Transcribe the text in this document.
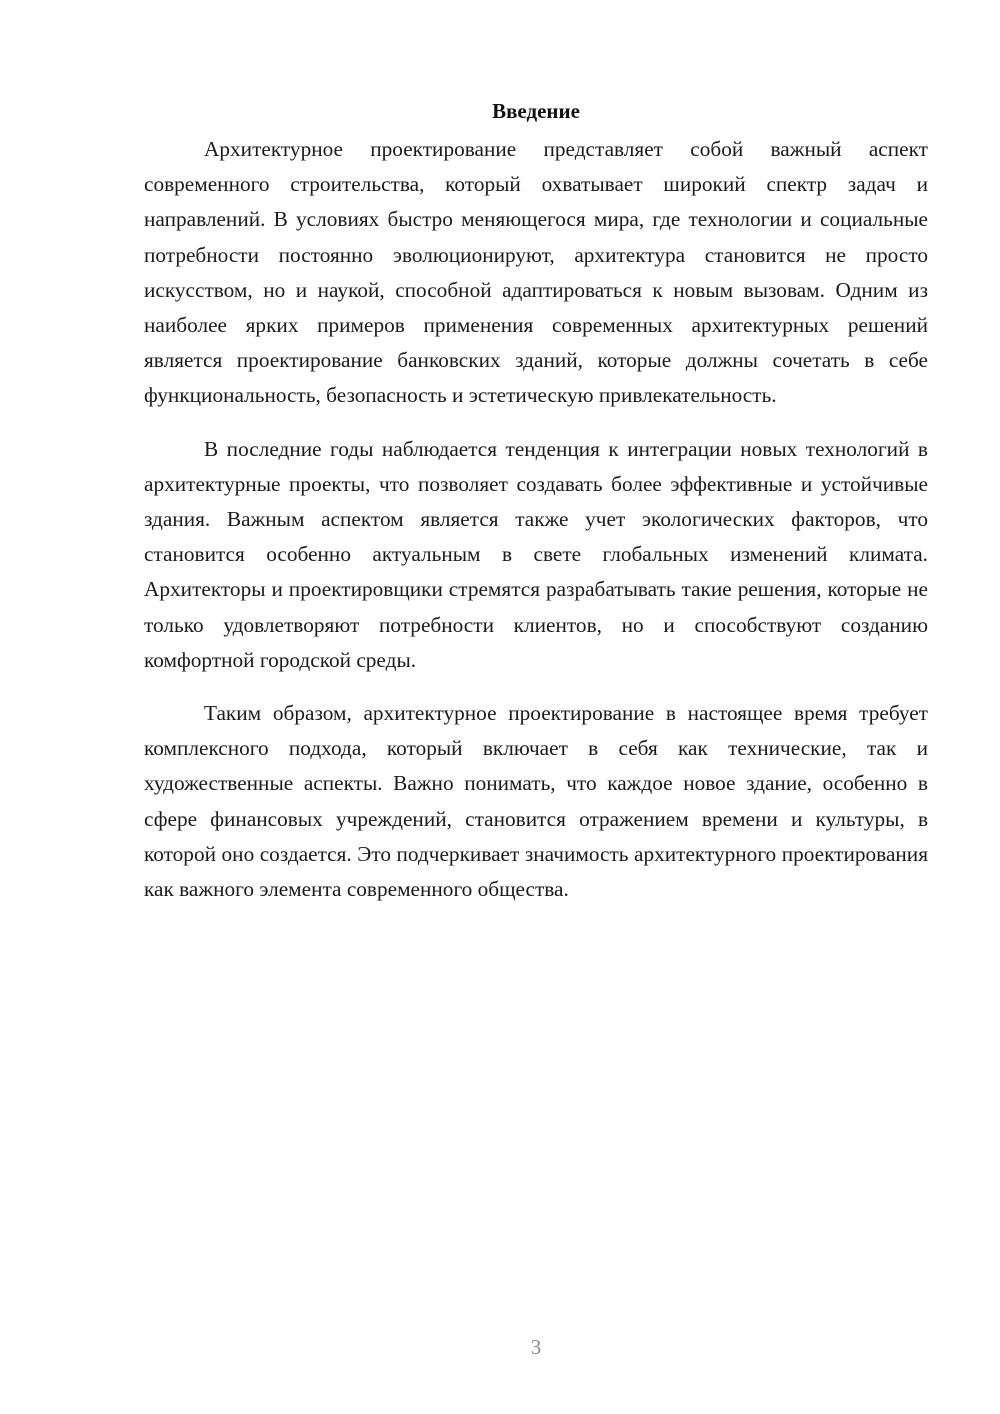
Введение

Архитектурное проектирование представляет собой важный аспект современного строительства, который охватывает широкий спектр задач и направлений. В условиях быстро меняющегося мира, где технологии и социальные потребности постоянно эволюционируют, архитектура становится не просто искусством, но и наукой, способной адаптироваться к новым вызовам. Одним из наиболее ярких примеров применения современных архитектурных решений является проектирование банковских зданий, которые должны сочетать в себе функциональность, безопасность и эстетическую привлекательность.

В последние годы наблюдается тенденция к интеграции новых технологий в архитектурные проекты, что позволяет создавать более эффективные и устойчивые здания. Важным аспектом является также учет экологических факторов, что становится особенно актуальным в свете глобальных изменений климата. Архитекторы и проектировщики стремятся разрабатывать такие решения, которые не только удовлетворяют потребности клиентов, но и способствуют созданию комфортной городской среды.

Таким образом, архитектурное проектирование в настоящее время требует комплексного подхода, который включает в себя как технические, так и художественные аспекты. Важно понимать, что каждое новое здание, особенно в сфере финансовых учреждений, становится отражением времени и культуры, в которой оно создается. Это подчеркивает значимость архитектурного проектирования как важного элемента современного общества.

3
